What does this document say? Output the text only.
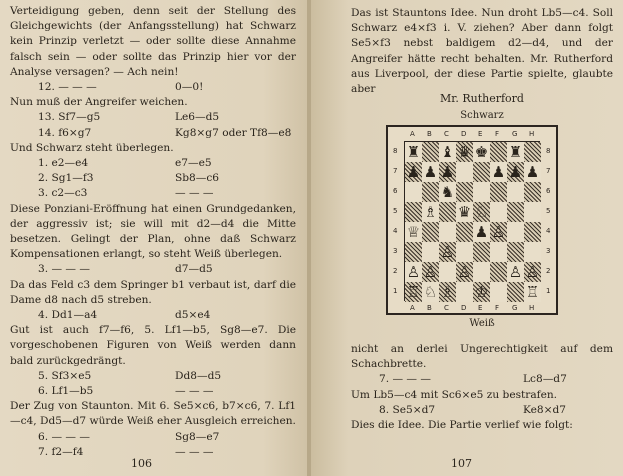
Verteidigung geben, denn seit der Stellung des Gleichgewichts (der Anfangsstellung) hat Schwarz kein Prinzip verletzt — oder sollte diese Annahme falsch sein — oder sollte das Prinzip hier vor der Analyse versagen? — Ach nein!

12. — — —	0—0!

Nun muß der Angreifer weichen.

13. Sf7—g5	Le6—d5
14. f6×g7	Kg8×g7 oder Tf8—e8

Und Schwarz steht überlegen.

1. e2—e4	e7—e5
2. Sg1—f3	Sb8—c6
3. c2—c3	— — —

Diese Ponziani-Eröffnung hat einen Grundgedanken, der aggressiv ist; sie will mit d2—d4 die Mitte besetzen. Gelingt der Plan, ohne daß Schwarz Kompensationen erlangt, so steht Weiß überlegen.

3. — — —	d7—d5

Da das Feld c3 dem Springer b1 verbaut ist, darf die Dame d8 nach d5 streben.

4. Dd1—a4	d5×e4

Gut ist auch f7—f6, 5. Lf1—b5, Sg8—e7. Die vorgeschobenen Figuren von Weiß werden dann bald zurückgedrängt.

5. Sf3×e5	Dd8—d5
6. Lf1—b5	— — —

Der Zug von Staunton. Mit 6. Se5×c6, b7×c6, 7. Lf1—c4, Dd5—d7 würde Weiß eher Ausgleich erreichen.

6. — — —	Sg8—e7
7. f2—f4	— — —
106

Das ist Stauntons Idee. Nun droht Lb5—c4. Soll Schwarz e4×f3 i. V. ziehen? Aber dann folgt Se5×f3 nebst baldigem d2—d4, und der Angreifer hätte recht behalten. Mr. Rutherford aus Liverpool, der diese Partie spielte, glaubte aber

Mr. Rutherford
Schwarz
Weiß

nicht an derlei Ungerechtigkeit auf dem Schachbrette.

7. — — —	Lc8—d7

Um Lb5—c4 mit Sc6×e5 zu bestrafen.

8. Se5×d7	Ke8×d7

Dies die Idee. Die Partie verlief wie folgt:

107
♜ ♝ ♛ ♚ ♜
♟ ♟ ♟	♟ ♟ ♟
♞
♗ ♛ ♘
♕	♟ ♙
♙
♙ ♙ ♙	♙ ♙
♖ ♘ ♗ ♔	♖
A
A
B
B
C
C
D
D
E
E
F
F
G
G
H
H
8	8
7	7
6	6
5	5
4	4
3	3
2	2
1	1
